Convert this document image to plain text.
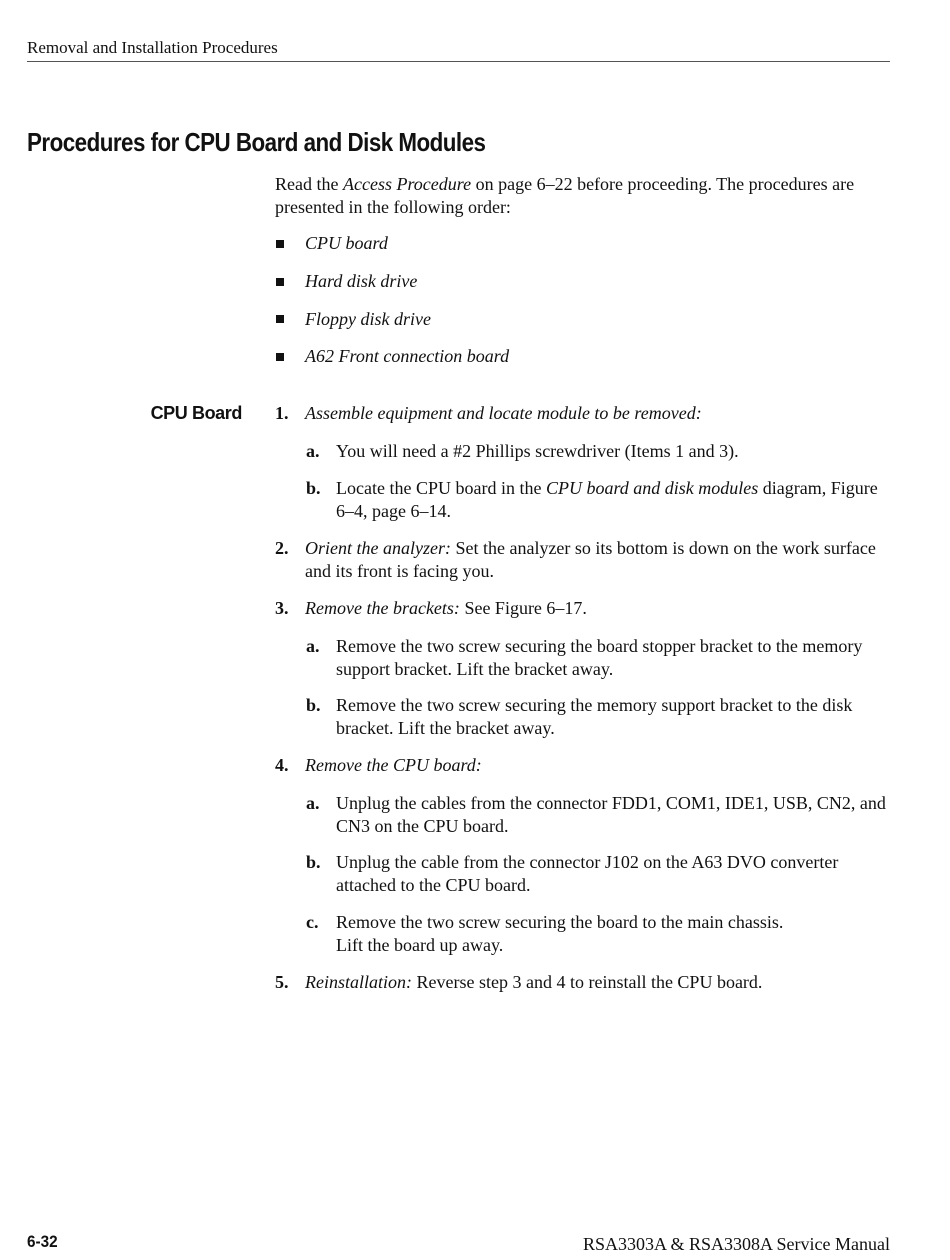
Removal and Installation Procedures
Procedures for CPU Board and Disk Modules
Read the Access Procedure on page 6–22 before proceeding. The procedures are presented in the following order:
CPU board
Hard disk drive
Floppy disk drive
A62 Front connection board
CPU Board 1. Assemble equipment and locate module to be removed:
a. You will need a #2 Phillips screwdriver (Items 1 and 3).
b. Locate the CPU board in the CPU board and disk modules diagram, Figure 6–4, page 6–14.
2. Orient the analyzer: Set the analyzer so its bottom is down on the work surface and its front is facing you.
3. Remove the brackets: See Figure 6–17.
a. Remove the two screw securing the board stopper bracket to the memory support bracket. Lift the bracket away.
b. Remove the two screw securing the memory support bracket to the disk bracket. Lift the bracket away.
4. Remove the CPU board:
a. Unplug the cables from the connector FDD1, COM1, IDE1, USB, CN2, and CN3 on the CPU board.
b. Unplug the cable from the connector J102 on the A63 DVO converter attached to the CPU board.
c. Remove the two screw securing the board to the main chassis.
Lift the board up away.
5. Reinstallation: Reverse step 3 and 4 to reinstall the CPU board.
6-32	RSA3303A & RSA3308A Service Manual
